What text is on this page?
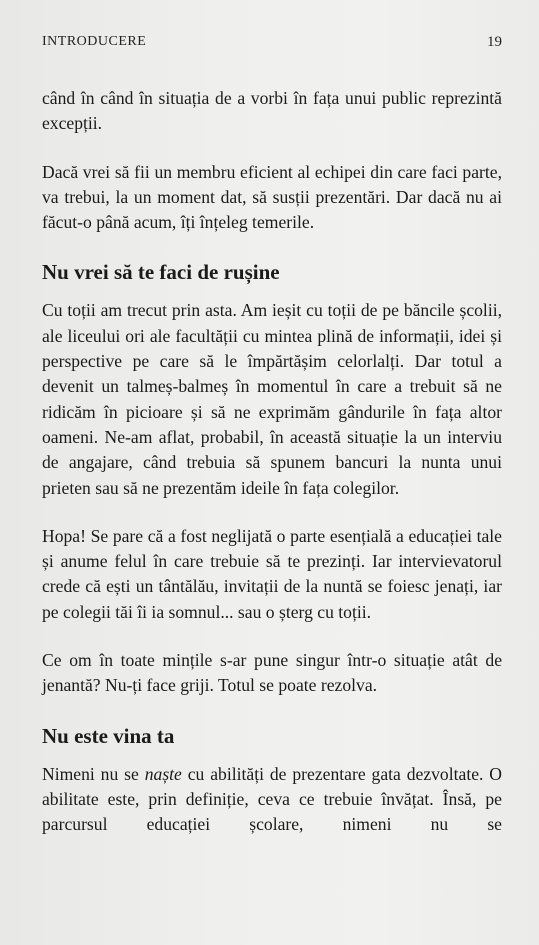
INTRODUCERE	19

când în când în situația de a vorbi în fața unui public reprezintă excepții.

Dacă vrei să fii un membru eficient al echipei din care faci parte, va trebui, la un moment dat, să susții prezentări. Dar dacă nu ai făcut-o până acum, îți înțeleg temerile.

Nu vrei să te faci de rușine

Cu toții am trecut prin asta. Am ieșit cu toții de pe băncile școlii, ale liceului ori ale facultății cu mintea plină de informații, idei și perspective pe care să le împărtășim celorlalți. Dar totul a devenit un talmeș-balmeș în momentul în care a trebuit să ne ridicăm în picioare și să ne exprimăm gândurile în fața altor oameni. Ne-am aflat, probabil, în această situație la un interviu de angajare, când trebuia să spunem bancuri la nunta unui prieten sau să ne prezentăm ideile în fața colegilor.

Hopa! Se pare că a fost neglijată o parte esențială a educației tale și anume felul în care trebuie să te prezinți. Iar intervievatorul crede că ești un tântălău, invitații de la nuntă se foiesc jenați, iar pe colegii tăi îi ia somnul... sau o șterg cu toții.

Ce om în toate mințile s-ar pune singur într-o situație atât de jenantă? Nu-ți face griji. Totul se poate rezolva.

Nu este vina ta

Nimeni nu se naște cu abilități de prezentare gata dezvoltate. O abilitate este, prin definiție, ceva ce trebuie învățat. Însă, pe parcursul educației școlare, nimeni nu se
